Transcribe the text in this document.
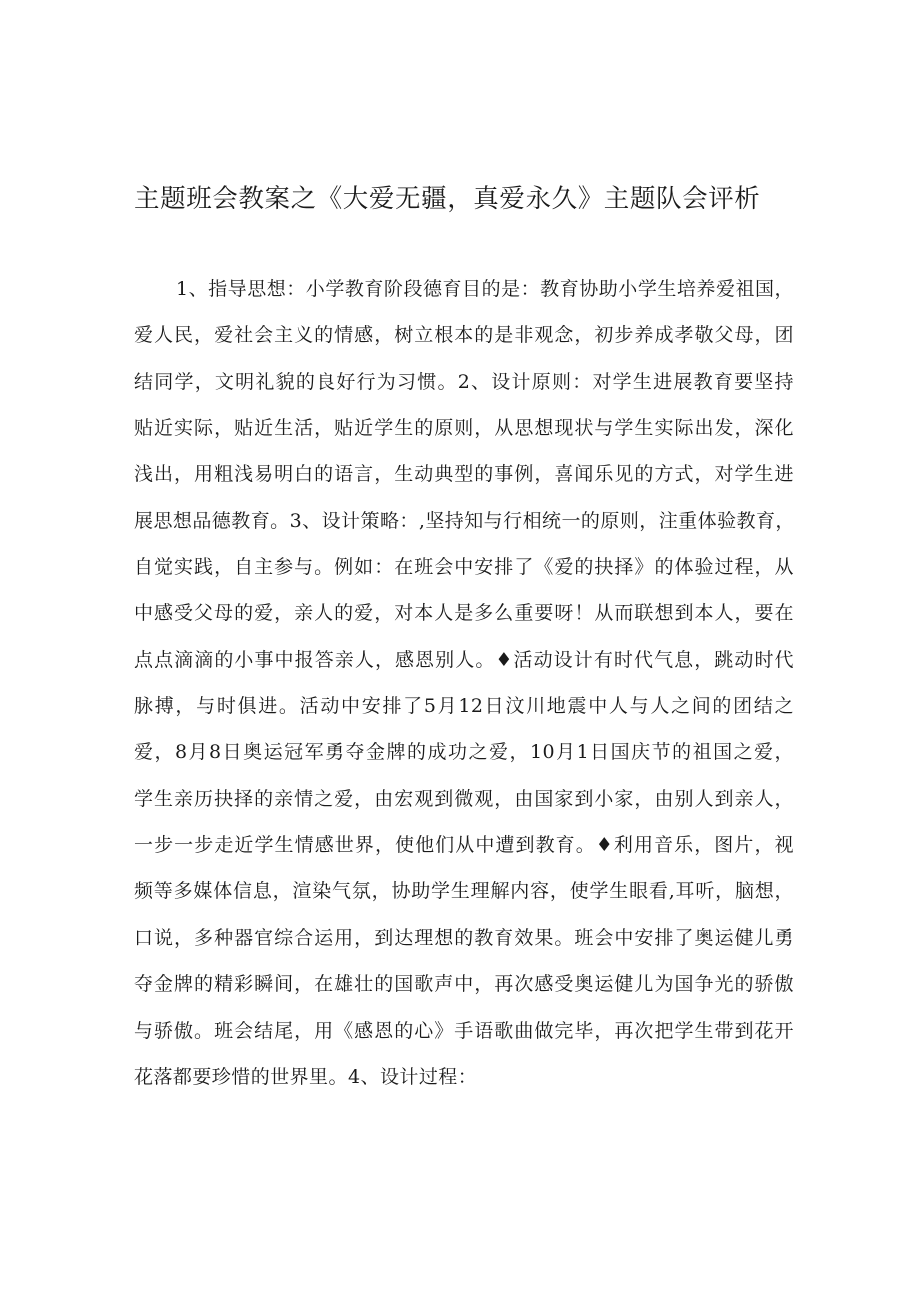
主题班会教案之《大爱无疆，真爱永久》主题队会评析
1、指导思想：小学教育阶段德育目的是：教育协助小学生培养爱祖国，
爱人民，爱社会主义的情感，树立根本的是非观念，初步养成孝敬父母，团
结同学，文明礼貌的良好行为习惯。2、设计原则：对学生进展教育要坚持
贴近实际，贴近生活，贴近学生的原则，从思想现状与学生实际出发，深化
浅出，用粗浅易明白的语言，生动典型的事例，喜闻乐见的方式，对学生进
展思想品德教育。3、设计策略：,坚持知与行相统一的原则，注重体验教育，
自觉实践，自主参与。例如：在班会中安排了《爱的抉择》的体验过程，从
中感受父母的爱，亲人的爱，对本人是多么重要呀！从而联想到本人，要在
点点滴滴的小事中报答亲人，感恩别人。♦活动设计有时代气息，跳动时代
脉搏，与时俱进。活动中安排了5月12日汶川地震中人与人之间的团结之
爱，8月8日奥运冠军勇夺金牌的成功之爱，10月1日国庆节的祖国之爱，
学生亲历抉择的亲情之爱，由宏观到微观，由国家到小家，由别人到亲人，
一步一步走近学生情感世界，使他们从中遭到教育。♦利用音乐，图片，视
频等多媒体信息，渲染气氛，协助学生理解内容，使学生眼看,耳听，脑想，
口说，多种器官综合运用，到达理想的教育效果。班会中安排了奥运健儿勇
夺金牌的精彩瞬间，在雄壮的国歌声中，再次感受奥运健儿为国争光的骄傲
与骄傲。班会结尾，用《感恩的心》手语歌曲做完毕，再次把学生带到花开
花落都要珍惜的世界里。4、设计过程：
